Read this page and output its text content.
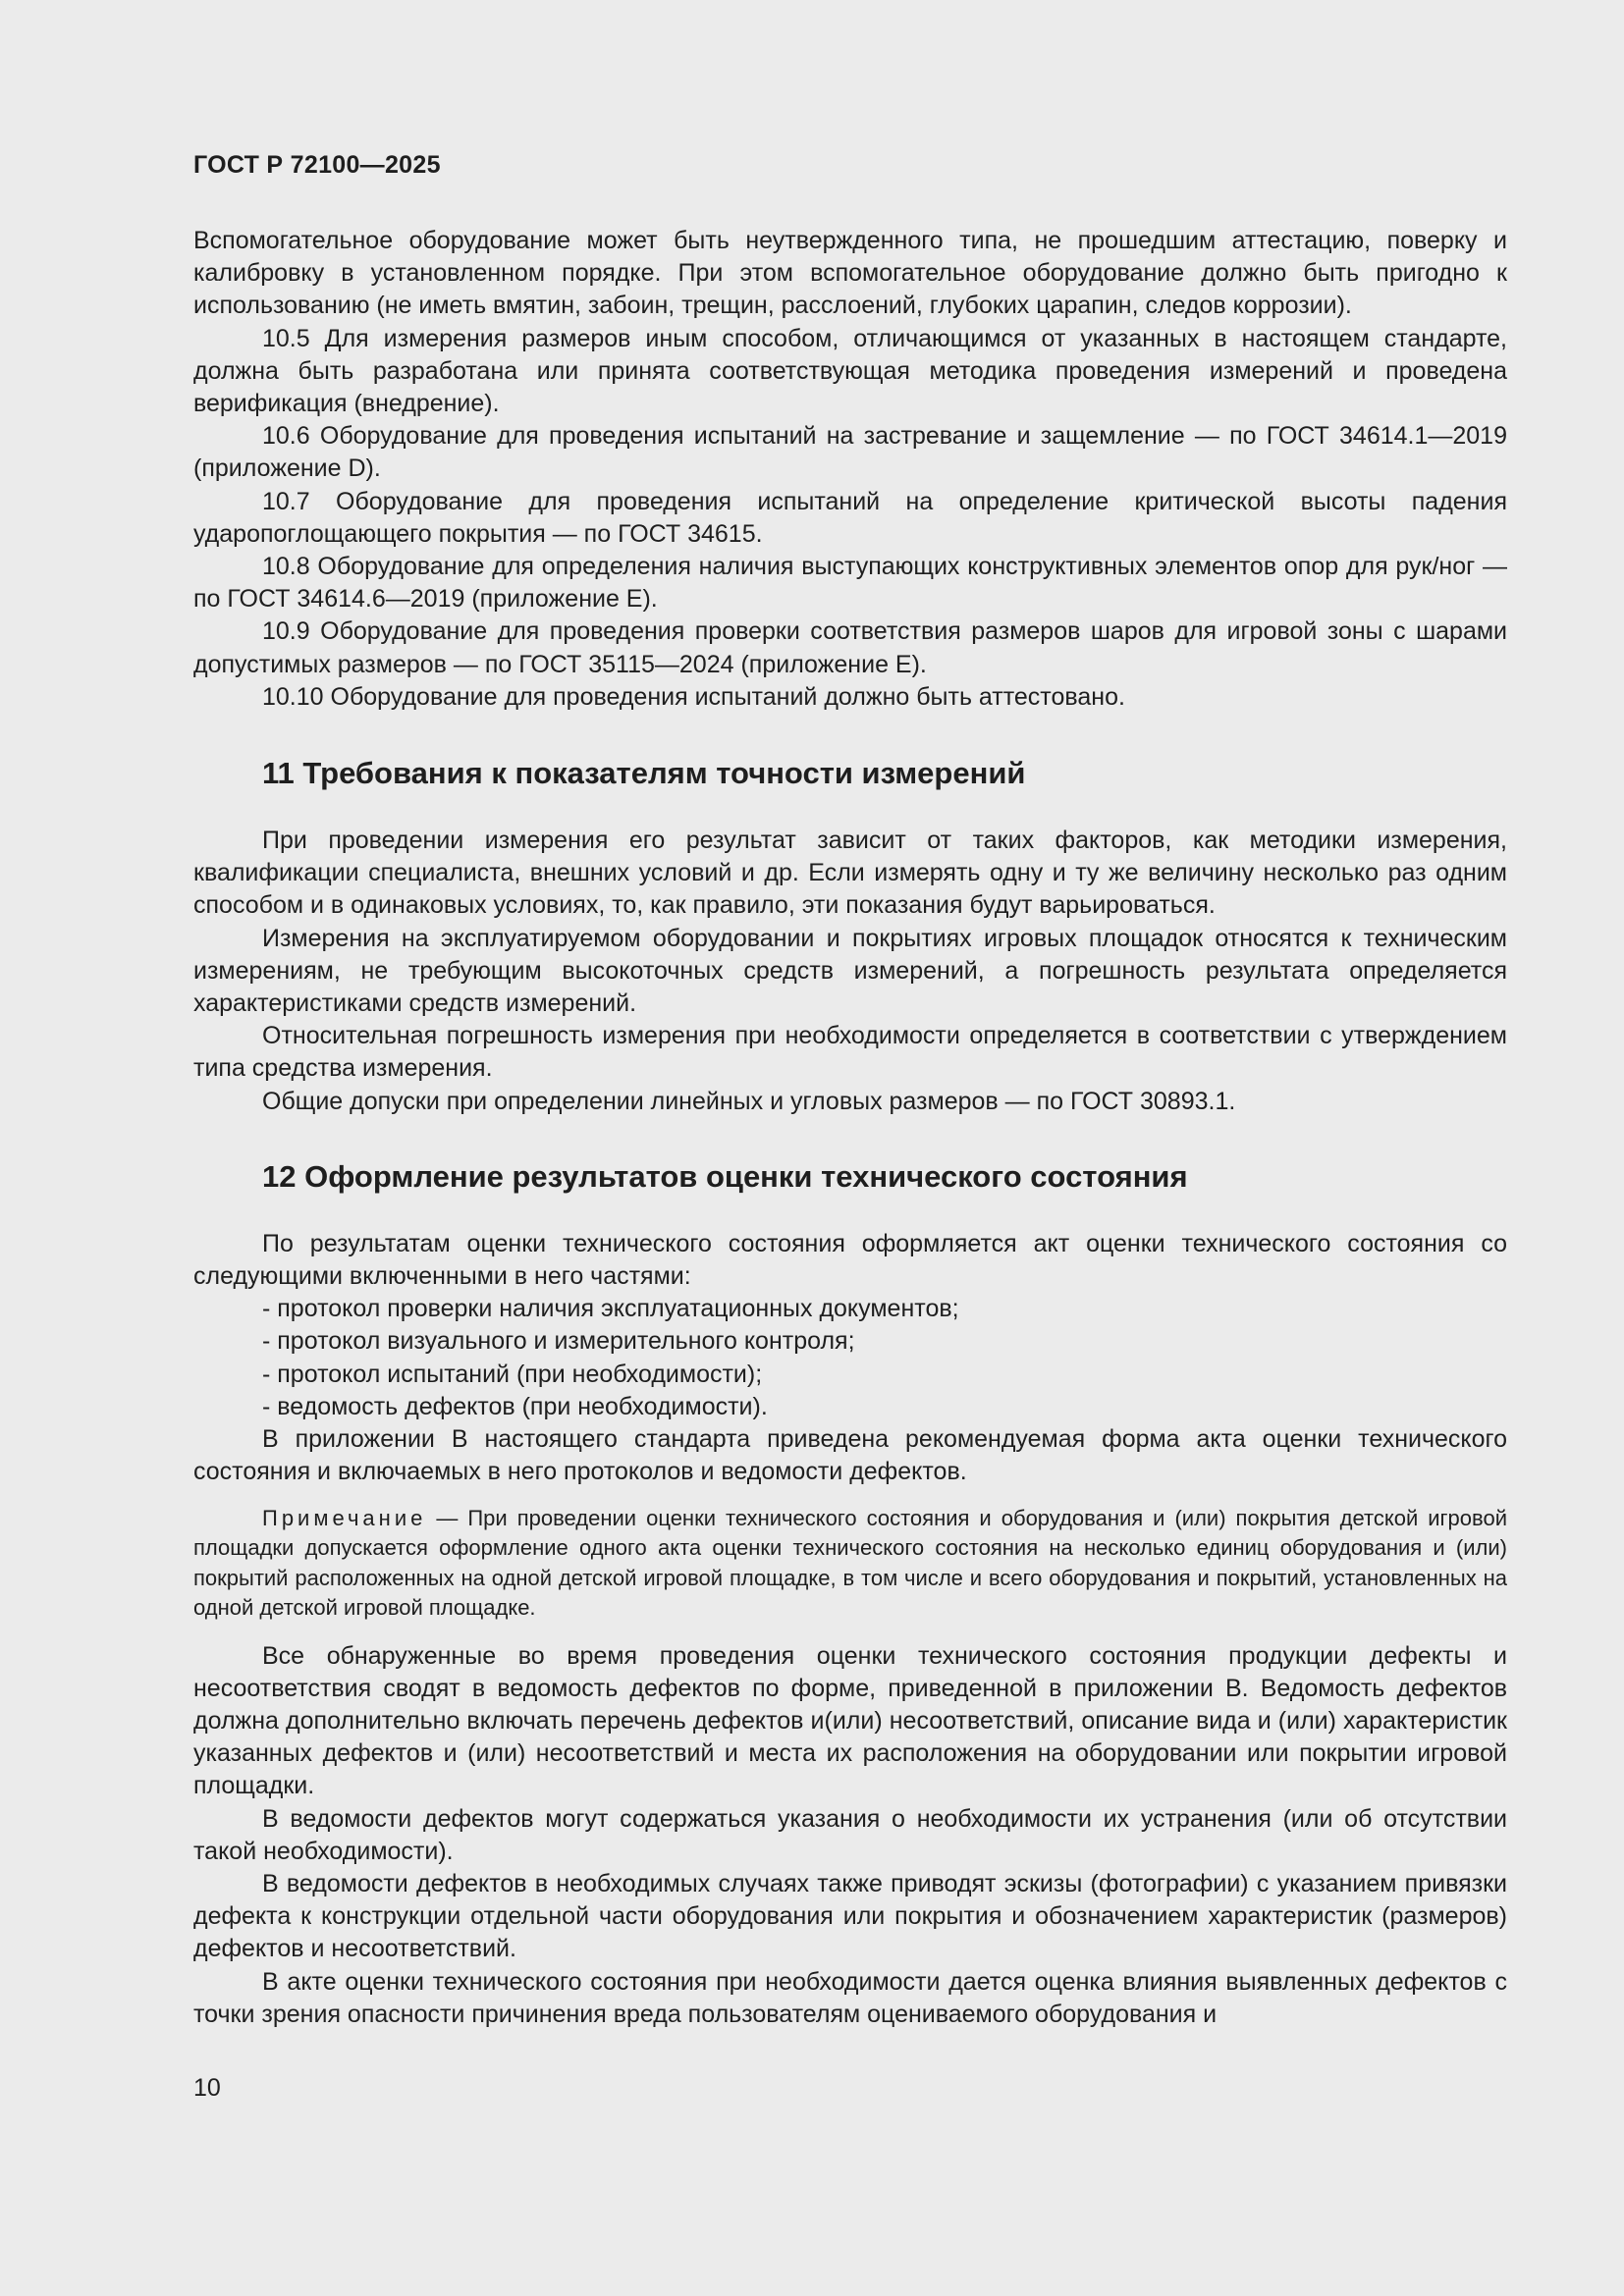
ГОСТ Р 72100—2025

Вспомогательное оборудование может быть неутвержденного типа, не прошедшим аттестацию, поверку и калибровку в установленном порядке. При этом вспомогательное оборудование должно быть пригодно к использованию (не иметь вмятин, забоин, трещин, расслоений, глубоких царапин, следов коррозии).

10.5 Для измерения размеров иным способом, отличающимся от указанных в настоящем стандарте, должна быть разработана или принята соответствующая методика проведения измерений и проведена верификация (внедрение).

10.6 Оборудование для проведения испытаний на застревание и защемление — по ГОСТ 34614.1—2019 (приложение D).

10.7 Оборудование для проведения испытаний на определение критической высоты падения ударопоглощающего покрытия — по ГОСТ 34615.

10.8 Оборудование для определения наличия выступающих конструктивных элементов опор для рук/ног — по ГОСТ 34614.6—2019 (приложение E).

10.9 Оборудование для проведения проверки соответствия размеров шаров для игровой зоны с шарами допустимых размеров — по ГОСТ 35115—2024 (приложение E).

10.10 Оборудование для проведения испытаний должно быть аттестовано.

11 Требования к показателям точности измерений

При проведении измерения его результат зависит от таких факторов, как методики измерения, квалификации специалиста, внешних условий и др. Если измерять одну и ту же величину несколько раз одним способом и в одинаковых условиях, то, как правило, эти показания будут варьироваться.

Измерения на эксплуатируемом оборудовании и покрытиях игровых площадок относятся к техническим измерениям, не требующим высокоточных средств измерений, а погрешность результата определяется характеристиками средств измерений.

Относительная погрешность измерения при необходимости определяется в соответствии с утверждением типа средства измерения.

Общие допуски при определении линейных и угловых размеров — по ГОСТ 30893.1.

12 Оформление результатов оценки технического состояния

По результатам оценки технического состояния оформляется акт оценки технического состояния со следующими включенными в него частями:

- протокол проверки наличия эксплуатационных документов;
- протокол визуального и измерительного контроля;
- протокол испытаний (при необходимости);
- ведомость дефектов (при необходимости).

В приложении В настоящего стандарта приведена рекомендуемая форма акта оценки технического состояния и включаемых в него протоколов и ведомости дефектов.

Примечание — При проведении оценки технического состояния и оборудования и (или) покрытия детской игровой площадки допускается оформление одного акта оценки технического состояния на несколько единиц оборудования и (или) покрытий расположенных на одной детской игровой площадке, в том числе и всего оборудования и покрытий, установленных на одной детской игровой площадке.

Все обнаруженные во время проведения оценки технического состояния продукции дефекты и несоответствия сводят в ведомость дефектов по форме, приведенной в приложении В. Ведомость дефектов должна дополнительно включать перечень дефектов и(или) несоответствий, описание вида и (или) характеристик указанных дефектов и (или) несоответствий и места их расположения на оборудовании или покрытии игровой площадки.

В ведомости дефектов могут содержаться указания о необходимости их устранения (или об отсутствии такой необходимости).

В ведомости дефектов в необходимых случаях также приводят эскизы (фотографии) с указанием привязки дефекта к конструкции отдельной части оборудования или покрытия и обозначением характеристик (размеров) дефектов и несоответствий.

В акте оценки технического состояния при необходимости дается оценка влияния выявленных дефектов с точки зрения опасности причинения вреда пользователям оцениваемого оборудования и

10
